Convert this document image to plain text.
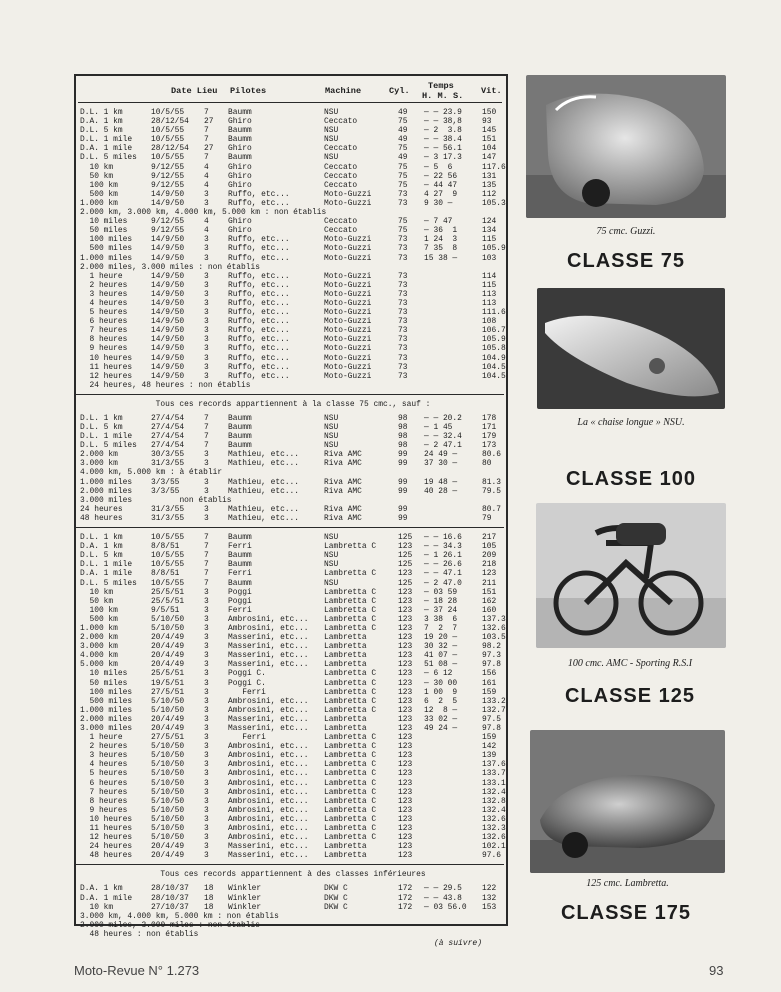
Date Lieu Pilotes	Machine	Cyl. Temps
H. M. S. Vit.
D.L. 1 km	10/5/55	7 Baumm	NSU	49 — — 23.9	150
D.A. 1 km	28/12/54 27 Ghiro	Ceccato	75 — — 38,8	93
D.L. 5 km	10/5/55	7 Baumm	NSU	49 — 2  3.8	145
D.L. 1 mile 10/5/55	7 Baumm	NSU	49 — — 38.4	151
D.A. 1 mile 28/12/54 27 Ghiro	Ceccato	75 — — 56.1	104
D.L. 5 miles 10/5/55	7 Baumm	NSU	49 — 3 17.3	147
10 km	9/12/55	4 Ghiro	Ceccato	75 — 5  6	117.6
50 km	9/12/55	4 Ghiro	Ceccato	75 — 22 56	131
100 km	9/12/55	4 Ghiro	Ceccato	75 — 44 47	135
500 km	14/9/50	3 Ruffo, etc...	Moto-Guzzi	73 4 27  9	112
1.000 km	14/9/50	3 Ruffo, etc...	Moto-Guzzi	73 9 30 —	105.3
2.000 km, 3.000 km, 4.000 km, 5.000 km : non établis
10 miles	9/12/55	4 Ghiro	Ceccato	75 — 7 47	124
50 miles	9/12/55	4 Ghiro	Ceccato	75 — 36  1	134
100 miles 14/9/50	3 Ruffo, etc...	Moto-Guzzi	73 1 24  3	115
500 miles 14/9/50	3 Ruffo, etc...	Moto-Guzzi	73 7 35  8	105.9
1.000 miles 14/9/50	3 Ruffo, etc...	Moto-Guzzi	73 15 38 —	103
2.000 miles, 3.000 miles : non établis
1 heure	14/9/50	3 Ruffo, etc...	Moto-Guzzi	73	114
2 heures	14/9/50	3 Ruffo, etc...	Moto-Guzzi	73	115
3 heures	14/9/50	3 Ruffo, etc...	Moto-Guzzi	73	113
4 heures	14/9/50	3 Ruffo, etc...	Moto-Guzzi	73	113
5 heures	14/9/50	3 Ruffo, etc...	Moto-Guzzi	73	111.6
6 heures	14/9/50	3 Ruffo, etc...	Moto-Guzzi	73	108
7 heures	14/9/50	3 Ruffo, etc...	Moto-Guzzi	73	106.7
8 heures	14/9/50	3 Ruffo, etc...	Moto-Guzzi	73	105.9
9 heures	14/9/50	3 Ruffo, etc...	Moto-Guzzi	73	105.8
10 heures 14/9/50	3 Ruffo, etc...	Moto-Guzzi	73	104.9
11 heures 14/9/50	3 Ruffo, etc...	Moto-Guzzi	73	104.5
12 heures 14/9/50	3 Ruffo, etc...	Moto-Guzzi	73	104.5
24 heures, 48 heures : non établis
Tous ces records appartiennent à la classe 75 cmc., sauf :
D.L. 1 km	27/4/54	7 Baumm	NSU	98 — — 20.2	178
D.L. 5 km	27/4/54	7 Baumm	NSU	98 — 1 45	171
D.L. 1 mile 27/4/54	7 Baumm	NSU	98 — — 32.4	179
D.L. 5 miles 27/4/54	7 Baumm	NSU	98 — 2 47.1	173
2.000 km	30/3/55	3 Mathieu, etc...	Riva AMC	99 24 49 —	80.6
3.000 km	31/3/55	3 Mathieu, etc...	Riva AMC	99 37 30 —	80
4.000 km, 5.000 km : à établir
1.000 miles 3/3/55	3 Mathieu, etc...	Riva AMC	99 19 48 —	81.3
2.000 miles 3/3/55	3 Mathieu, etc...	Riva AMC	99 40 28 —	79.5
3.000 miles          non établis
24 heures	31/3/55	3 Mathieu, etc...	Riva AMC	99	80.7
48 heures	31/3/55	3 Mathieu, etc...	Riva AMC	99	79
D.L. 1 km	10/5/55	7 Baumm	NSU	125 — — 16.6	217
D.A. 1 km	8/8/51	7 Ferri	Lambretta C	123 — — 34.3	105
D.L. 5 km	10/5/55	7 Baumm	NSU	125 — 1 26.1	209
D.L. 1 mile 10/5/55	7 Baumm	NSU	125 — — 26.6	218
D.A. 1 mile 8/8/51	7 Ferri	Lambretta C	123 — — 47.1	123
D.L. 5 miles 10/5/55	7 Baumm	NSU	125 — 2 47.0	211
10 km	25/5/51	3 Poggi	Lambretta C	123 — 03 59	151
50 km	25/5/51	3 Poggi	Lambretta C	123 — 18 28	162
100 km	9/5/51	3 Ferri	Lambretta C	123 — 37 24	160
500 km	5/10/50	3 Ambrosini, etc... Lambretta C	123 3 38  6	137.3
1.000 km	5/10/50	3 Ambrosini, etc... Lambretta C	123 7  2  7	132.6
2.000 km	20/4/49	3 Masserini, etc... Lambretta	123 19 20 —	103.5
3.000 km	20/4/49	3 Masserini, etc... Lambretta	123 30 32 —	98.2
4.000 km	20/4/49	3 Masserini, etc... Lambretta	123 41 07 —	97.3
5.000 km	20/4/49	3 Masserini, etc... Lambretta	123 51 08 —	97.8
10 miles	25/5/51	3 Poggi C.	Lambretta C	123 — 6 12	156
50 miles	19/5/51	3 Poggi C.	Lambretta C	123 — 30 00	161
100 miles 27/5/51	3 Ferri	Lambretta C	123 1 00  9	159
500 miles 5/10/50	3 Ambrosini, etc... Lambretta C	123 6  2  5	133.2
1.000 miles 5/10/50	3 Ambrosini, etc... Lambretta C	123 12  8 —	132.7
2.000 miles 20/4/49	3 Masserini, etc... Lambretta	123 33 02 —	97.5
3.000 miles 20/4/49	3 Masserini, etc... Lambretta	123 49 24 —	97.8
1 heure	27/5/51	3 Ferri	Lambretta C	123	159
2 heures	5/10/50	3 Ambrosini, etc... Lambretta C	123	142
3 heures	5/10/50	3 Ambrosini, etc... Lambretta C	123	139
4 heures	5/10/50	3 Ambrosini, etc... Lambretta C	123	137.6
5 heures	5/10/50	3 Ambrosini, etc... Lambretta C	123	133.7
6 heures	5/10/50	3 Ambrosini, etc... Lambretta C	123	133.1
7 heures	5/10/50	3 Ambrosini, etc... Lambretta C	123	132.4
8 heures	5/10/50	3 Ambrosini, etc... Lambretta C	123	132.8
9 heures	5/10/50	3 Ambrosini, etc... Lambretta C	123	132.4
10 heures 5/10/50	3 Ambrosini, etc... Lambretta C	123	132.6
11 heures 5/10/50	3 Ambrosini, etc... Lambretta C	123	132.3
12 heures 5/10/50	3 Ambrosini, etc... Lambretta C	123	132.6
24 heures 20/4/49	3 Masserini, etc... Lambretta	123	102.1
48 heures 20/4/49	3 Masserini, etc... Lambretta	123	97.6
Tous ces records appartiennent à des classes inférieures
D.A. 1 km	28/10/37 18 Winkler	DKW C	172 — — 29.5	122
D.A. 1 mile 28/10/37 18 Winkler	DKW C	172 — — 43.8	132
10 km	27/10/37 18 Winkler	DKW C	172 — 03 56.0 153
3.000 km, 4.000 km, 5.000 km : non établis
2.000 miles, 3.000 miles : non établis
48 heures : non établis
(à suivre)
75 cmc. Guzzi.
CLASSE 75
La « chaise longue » NSU.
CLASSE 100
100 cmc. AMC - Sporting R.S.I
CLASSE 125
125 cmc. Lambretta.
CLASSE 175
Moto-Revue N° 1.273	93
